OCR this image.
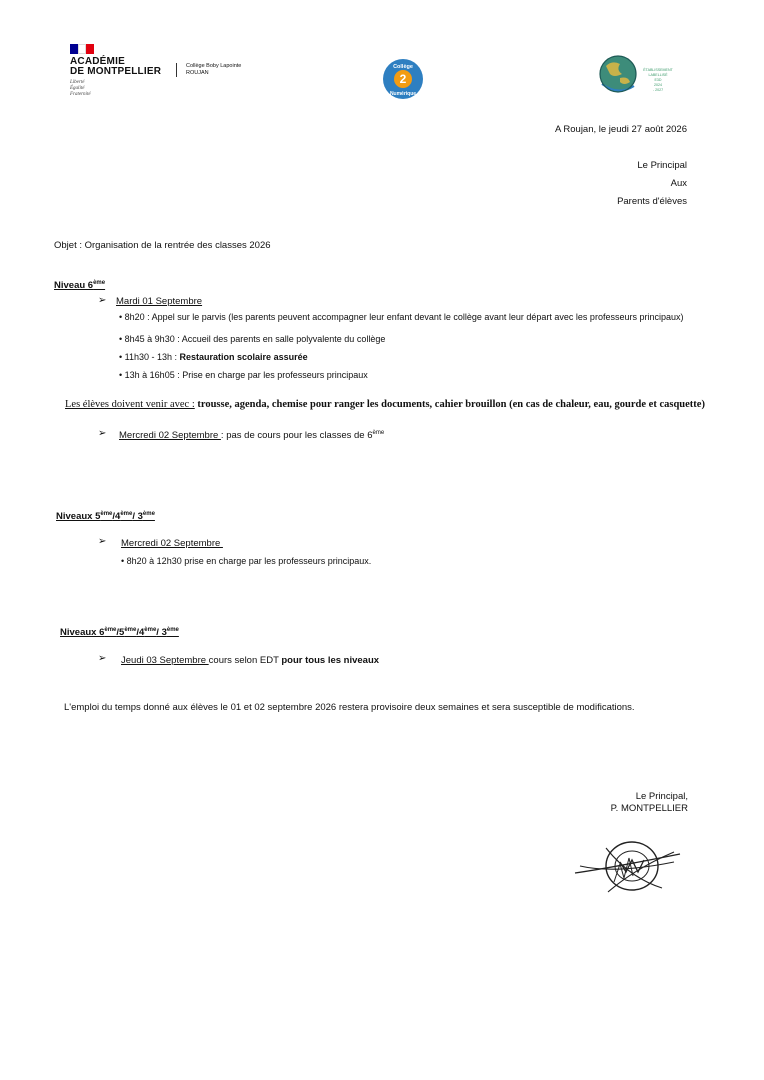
ACADÉMIE
DE MONTPELLIER
Liberté
Égalité
Fraternité
Collège Boby Lapointe
ROUJAN	2
Collège
Numérique
ÉTABLISSEMENT
LABELLISÉ
E3D
2024
- 2027
A Roujan, le jeudi 27 août 2026
Le Principal
Aux
Parents d'élèves
Objet : Organisation de la rentrée des classes 2026
Niveau 6ème
➢ Mardi 01 Septembre
• 8h20 : Appel sur le parvis (les parents peuvent accompagner leur enfant devant le collège avant leur départ avec les professeurs principaux)
• 8h45 à 9h30 : Accueil des parents en salle polyvalente du collège
• 11h30 - 13h : Restauration scolaire assurée
• 13h à 16h05 : Prise en charge par les professeurs principaux
Les élèves doivent venir avec : trousse, agenda, chemise pour ranger les documents, cahier brouillon (en cas de chaleur, eau, gourde et casquette)
➢ Mercredi 02 Septembre : pas de cours pour les classes de 6ème
Niveaux 5ème/4ème/ 3ème
➢ Mercredi 02 Septembre
• 8h20 à 12h30 prise en charge par les professeurs principaux.
Niveaux 6ème/5ème/4ème/ 3ème
➢ Jeudi 03 Septembre cours selon EDT pour tous les niveaux
L'emploi du temps donné aux élèves le 01 et 02 septembre 2026 restera provisoire deux semaines et sera susceptible de modifications.
Le Principal,
P. MONTPELLIER
